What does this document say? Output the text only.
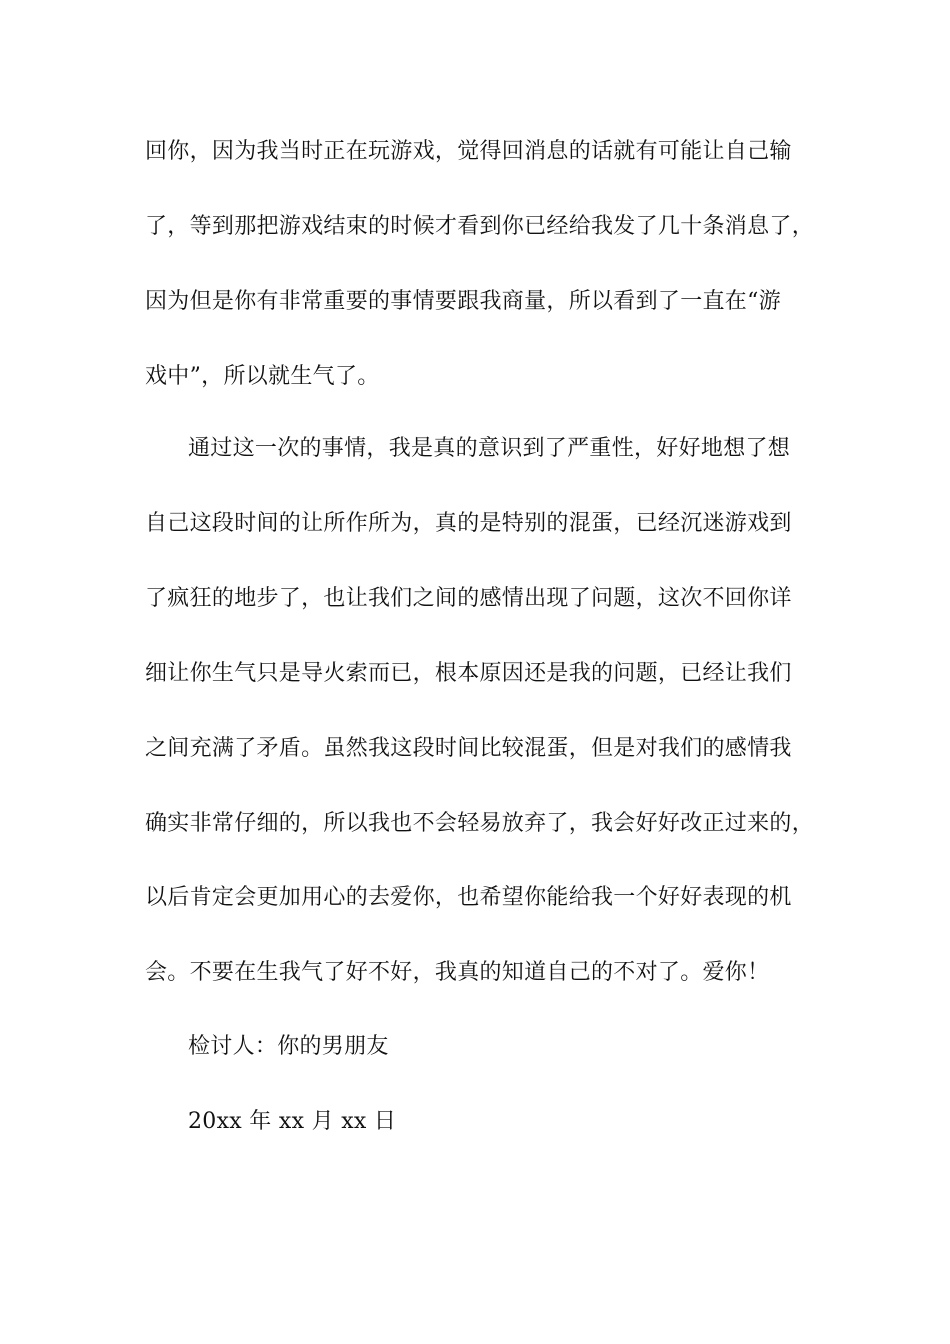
回你，因为我当时正在玩游戏，觉得回消息的话就有可能让自己输
了，等到那把游戏结束的时候才看到你已经给我发了几十条消息了，
因为但是你有非常重要的事情要跟我商量，所以看到了一直在“游
戏中”，所以就生气了。
通过这一次的事情，我是真的意识到了严重性，好好地想了想
自己这段时间的让所作所为，真的是特别的混蛋，已经沉迷游戏到
了疯狂的地步了，也让我们之间的感情出现了问题，这次不回你详
细让你生气只是导火索而已，根本原因还是我的问题，已经让我们
之间充满了矛盾。虽然我这段时间比较混蛋，但是对我们的感情我
确实非常仔细的，所以我也不会轻易放弃了，我会好好改正过来的，
以后肯定会更加用心的去爱你，也希望你能给我一个好好表现的机
会。不要在生我气了好不好，我真的知道自己的不对了。爱你！
检讨人：你的男朋友
20xx 年 xx 月 xx 日
